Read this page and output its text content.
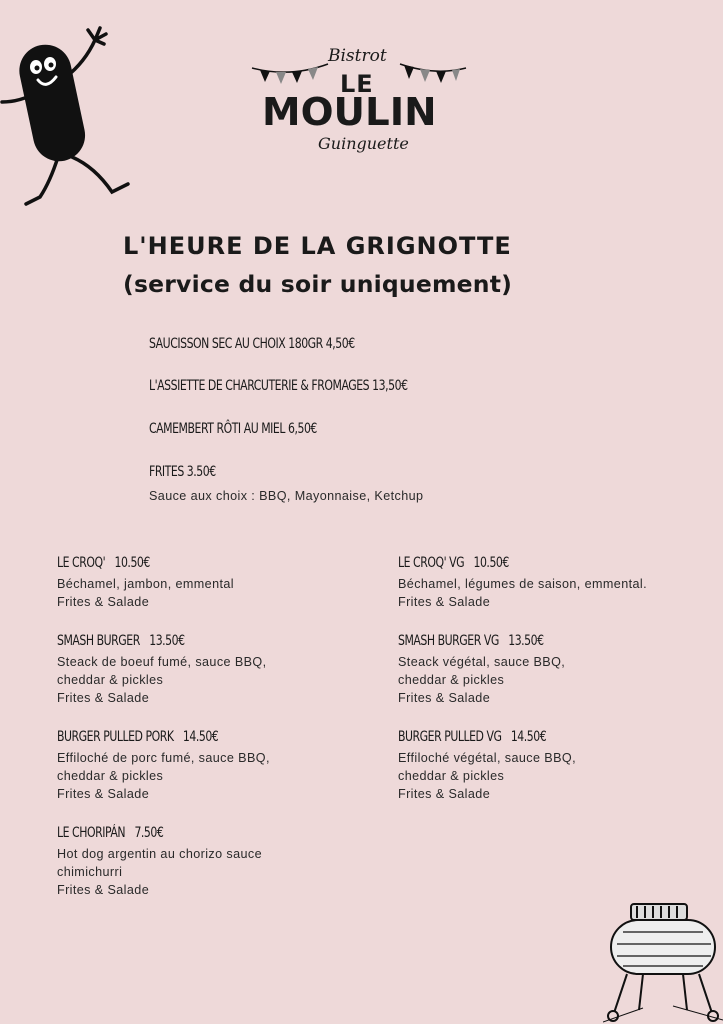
Bistrot
LE
MOULIN
Guinguette
L'HEURE DE LA GRIGNOTTE
(service du soir uniquement)
SAUCISSON SEC AU CHOIX 180GR 4,50€
L'ASSIETTE DE CHARCUTERIE & FROMAGES 13,50€
CAMEMBERT RÔTI AU MIEL 6,50€
FRITES 3.50€
Sauce aux choix : BBQ, Mayonnaise, Ketchup
LE CROQ' 10.50€
Béchamel, jambon, emmental
Frites & Salade
SMASH BURGER 13.50€
Steack de boeuf fumé, sauce BBQ,
cheddar & pickles
Frites & Salade
BURGER PULLED PORK 14.50€
Effiloché de porc fumé, sauce BBQ,
cheddar & pickles
Frites & Salade
LE CHORIPÁN 7.50€
Hot dog argentin au chorizo sauce
chimichurri
Frites & Salade
LE CROQ' VG 10.50€
Béchamel, légumes de saison, emmental.
Frites & Salade
SMASH BURGER VG 13.50€
Steack végétal, sauce BBQ,
cheddar & pickles
Frites & Salade
BURGER PULLED VG 14.50€
Effiloché végétal, sauce BBQ,
cheddar & pickles
Frites & Salade
